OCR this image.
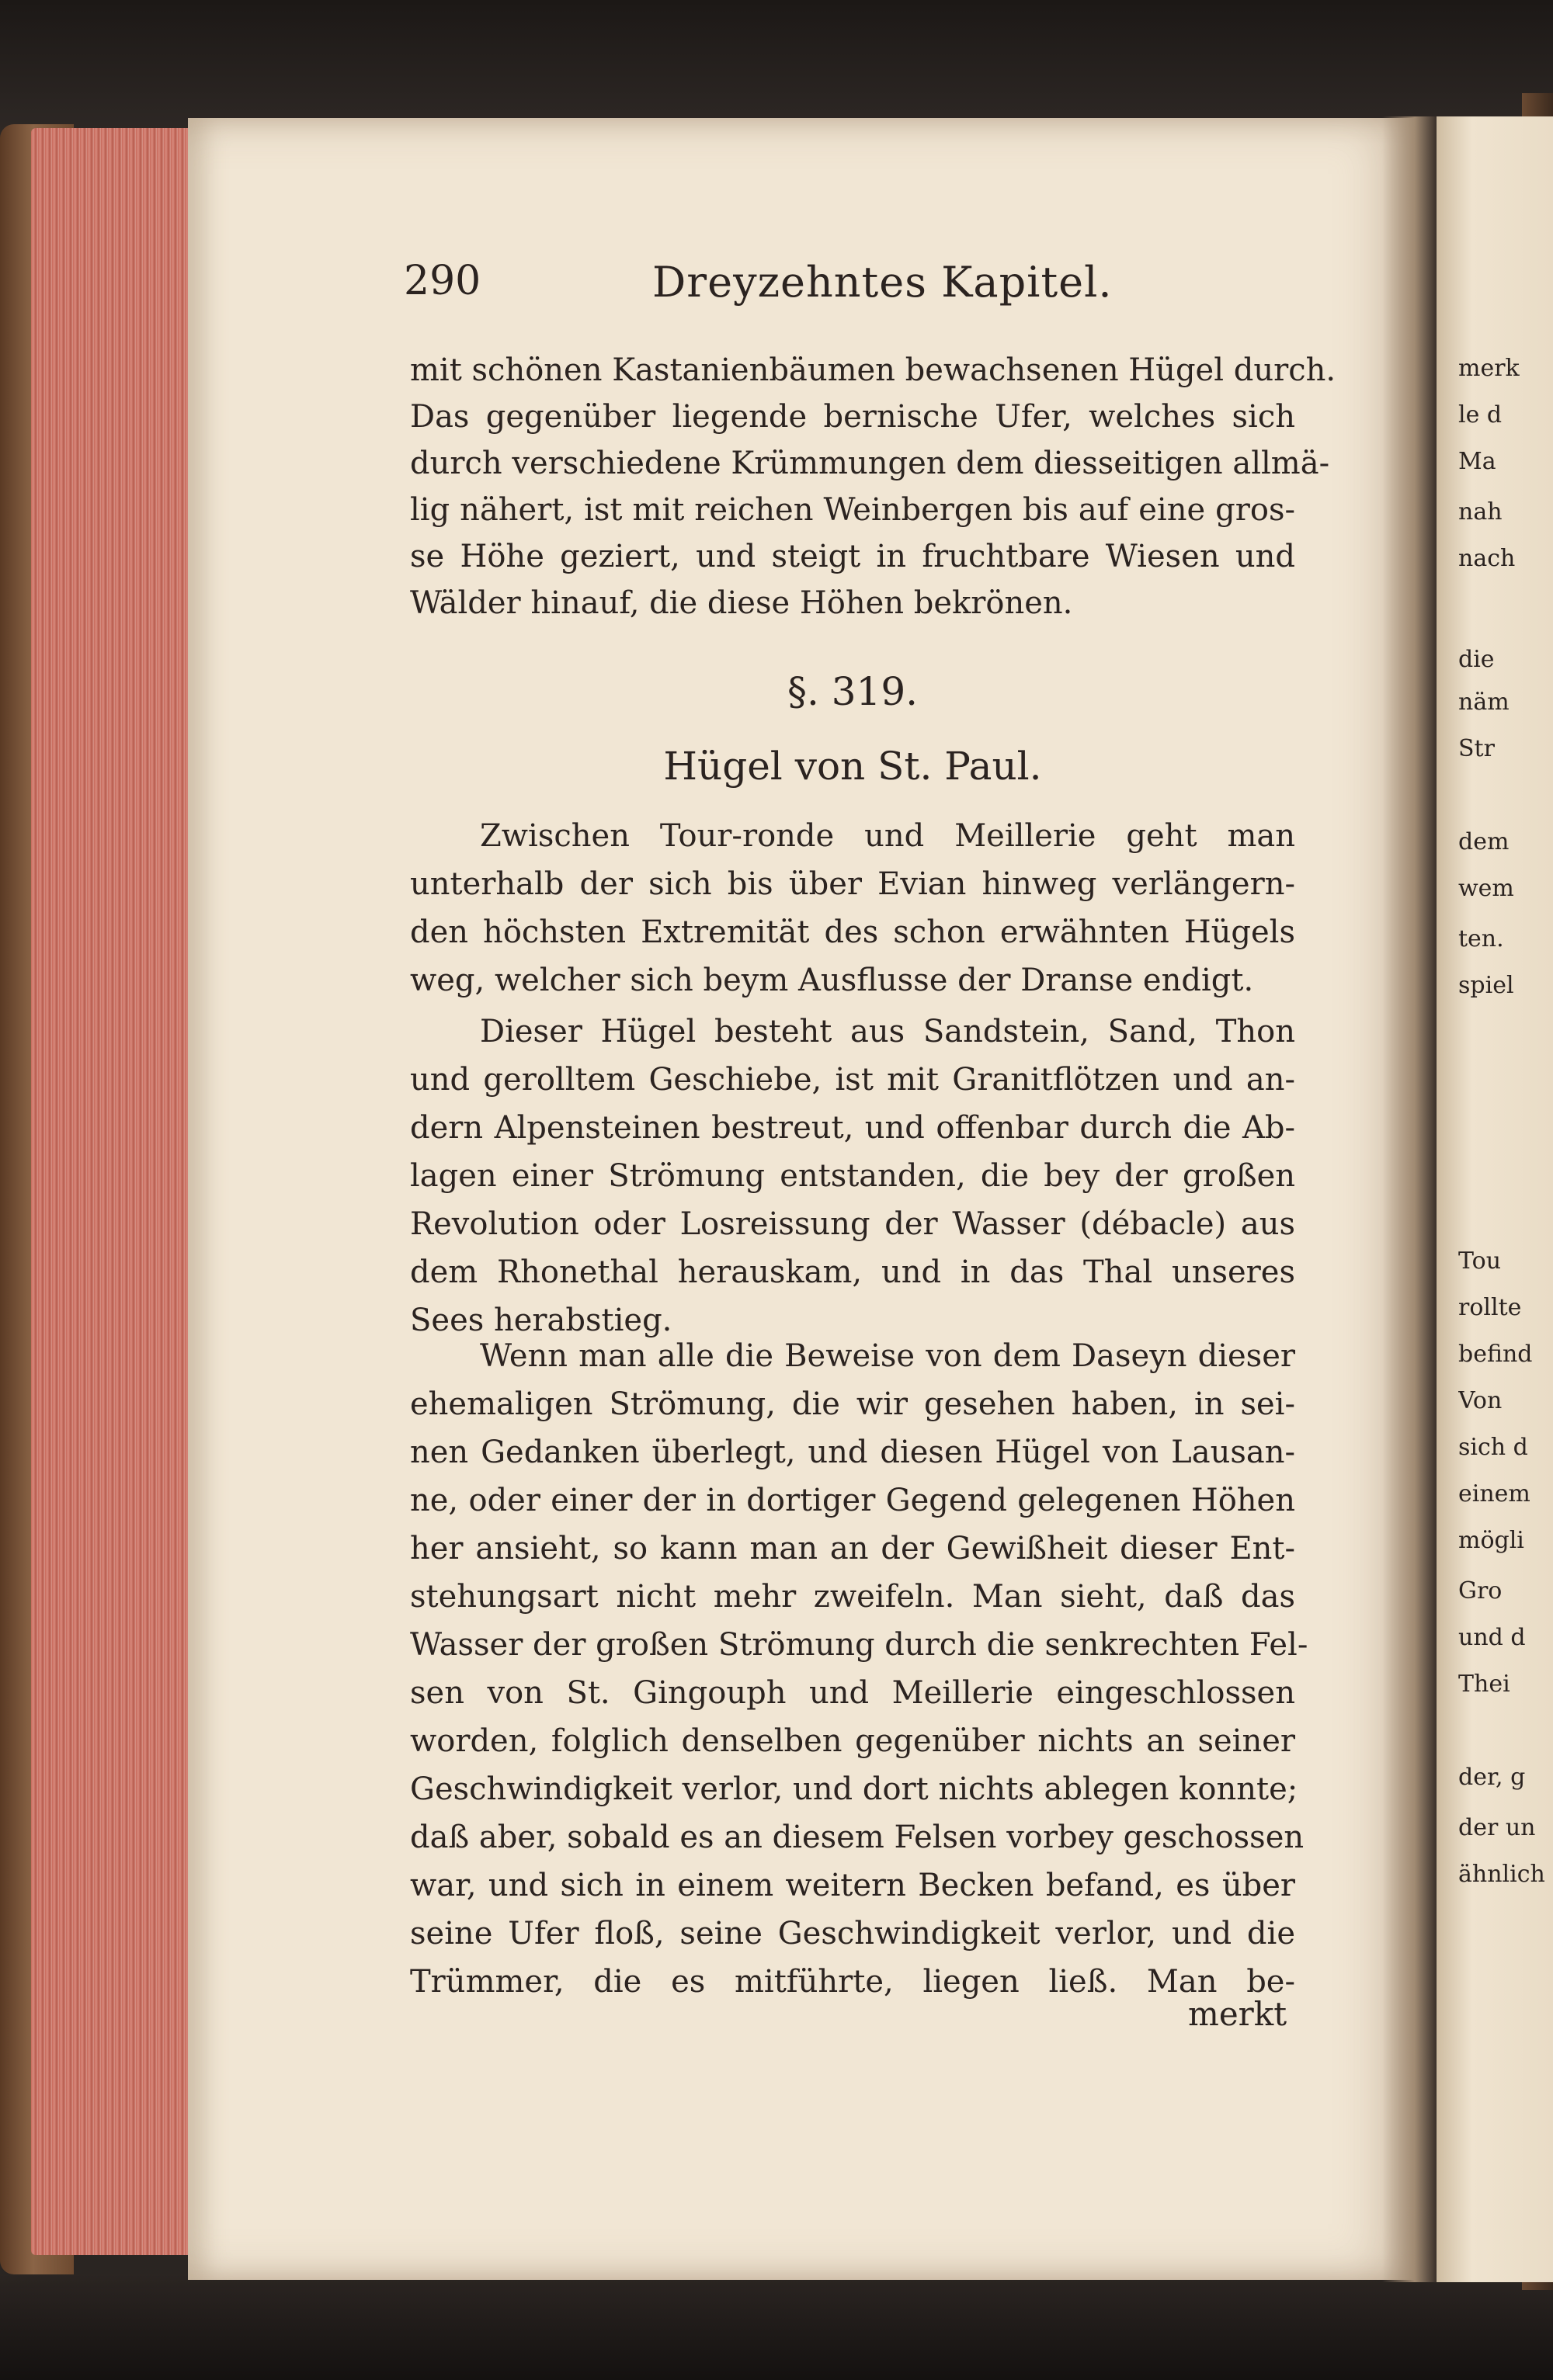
290	Dreyzehntes Kapitel.
mit schönen Kastanienbäumen bewachsenen Hügel durch.
Das gegenüber liegende bernische Ufer, welches sich
durch verschiedene Krümmungen dem diesseitigen allmä-
lig nähert, ist mit reichen Weinbergen bis auf eine gros-
se Höhe geziert, und steigt in fruchtbare Wiesen und
Wälder hinauf, die diese Höhen bekrönen.
§. 319.
Hügel von St. Paul.
Zwischen Tour-ronde und Meillerie geht man
unterhalb der sich bis über Evian hinweg verlängern-
den höchsten Extremität des schon erwähnten Hügels
weg, welcher sich beym Ausflusse der Dranse endigt.
Dieser Hügel besteht aus Sandstein, Sand, Thon
und gerolltem Geschiebe, ist mit Granitflötzen und an-
dern Alpensteinen bestreut, und offenbar durch die Ab-
lagen einer Strömung entstanden, die bey der großen
Revolution oder Losreissung der Wasser (débacle) aus
dem Rhonethal herauskam, und in das Thal unseres
Sees herabstieg.
Wenn man alle die Beweise von dem Daseyn dieser
ehemaligen Strömung, die wir gesehen haben, in sei-
nen Gedanken überlegt, und diesen Hügel von Lausan-
ne, oder einer der in dortiger Gegend gelegenen Höhen
her ansieht, so kann man an der Gewißheit dieser Ent-
stehungsart nicht mehr zweifeln. Man sieht, daß das
Wasser der großen Strömung durch die senkrechten Fel-
sen von St. Gingouph und Meillerie eingeschlossen
worden, folglich denselben gegenüber nichts an seiner
Geschwindigkeit verlor, und dort nichts ablegen konnte;
daß aber, sobald es an diesem Felsen vorbey geschossen
war, und sich in einem weitern Becken befand, es über
seine Ufer floß, seine Geschwindigkeit verlor, und die
Trümmer, die es mitführte, liegen ließ. Man be-
merkt
merk
le d
Ma
nah
nach
die
näm
Str
dem
wem
ten.
spiel
Tou
rollte
befind
Von
sich d
einem
mögli
Gro
und d
Thei
der, g
der un
ähnlich
